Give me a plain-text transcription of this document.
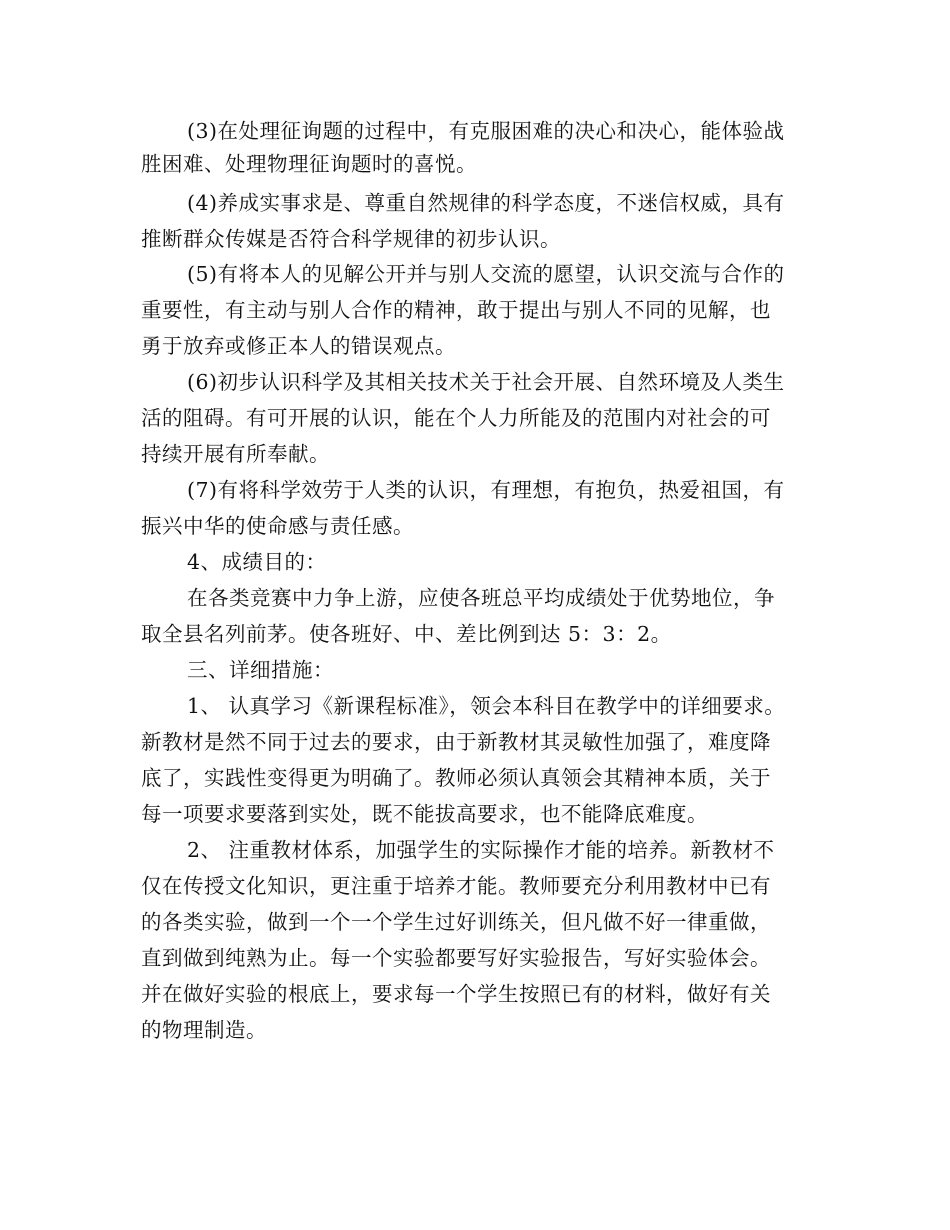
(3)在处理征询题的过程中，有克服困难的决心和决心，能体验战

胜困难、处理物理征询题时的喜悦。

(4)养成实事求是、尊重自然规律的科学态度，不迷信权威，具有

推断群众传媒是否符合科学规律的初步认识。

(5)有将本人的见解公开并与别人交流的愿望，认识交流与合作的

重要性，有主动与别人合作的精神，敢于提出与别人不同的见解，也

勇于放弃或修正本人的错误观点。

(6)初步认识科学及其相关技术关于社会开展、自然环境及人类生

活的阻碍。有可开展的认识，能在个人力所能及的范围内对社会的可

持续开展有所奉献。

(7)有将科学效劳于人类的认识，有理想，有抱负，热爱祖国，有

振兴中华的使命感与责任感。

4、成绩目的：

在各类竞赛中力争上游，应使各班总平均成绩处于优势地位，争

取全县名列前茅。使各班好、中、差比例到达 5：3：2。

三、详细措施：

1、 认真学习《新课程标准》，领会本科目在教学中的详细要求。

新教材是然不同于过去的要求，由于新教材其灵敏性加强了，难度降

底了，实践性变得更为明确了。教师必须认真领会其精神本质，关于

每一项要求要落到实处，既不能拔高要求，也不能降底难度。

2、 注重教材体系，加强学生的实际操作才能的培养。新教材不

仅在传授文化知识，更注重于培养才能。教师要充分利用教材中已有

的各类实验，做到一个一个学生过好训练关，但凡做不好一律重做，

直到做到纯熟为止。每一个实验都要写好实验报告，写好实验体会。

并在做好实验的根底上，要求每一个学生按照已有的材料，做好有关

的物理制造。
